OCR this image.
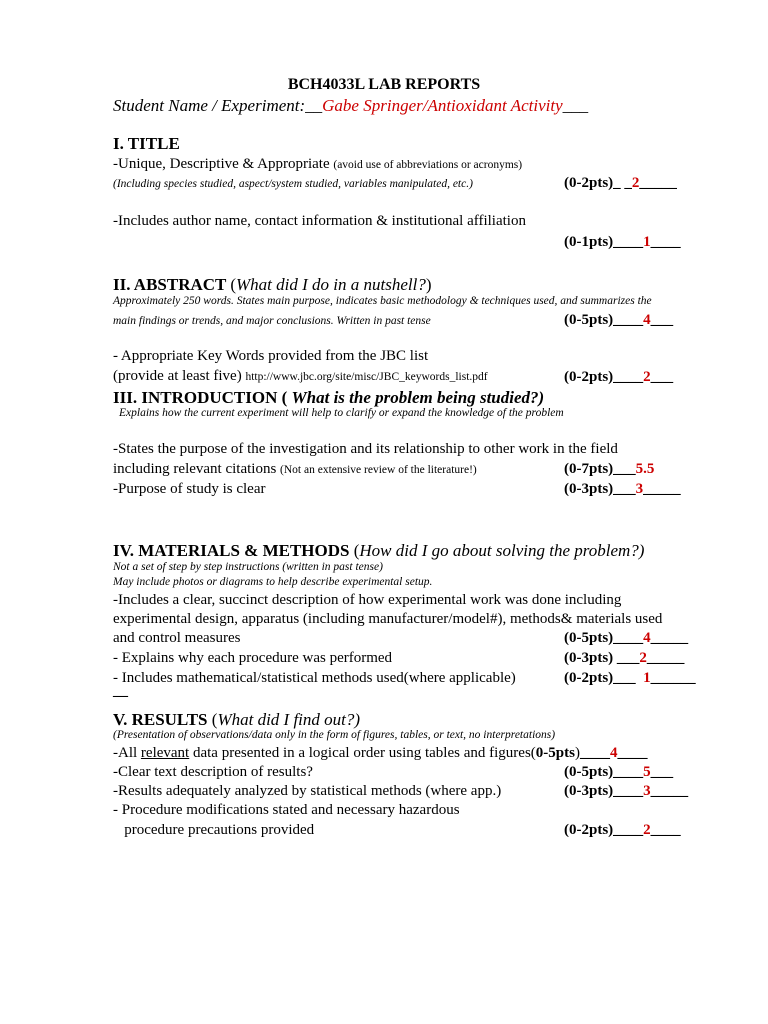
BCH4033L LAB REPORTS
Student Name / Experiment:__Gabe Springer/Antioxidant Activity___
I. TITLE
-Unique, Descriptive & Appropriate (avoid use of abbreviations or acronyms)
(Including species studied, aspect/system studied, variables manipulated, etc.)	(0-2pts)_ _2_____
-Includes author name, contact information & institutional affiliation
(0-1pts)____1____
II. ABSTRACT (What did I do in a nutshell?)
Approximately 250 words. States main purpose, indicates basic methodology & techniques used, and summarizes the
main findings or trends, and major conclusions. Written in past tense	(0-5pts)____4___
- Appropriate Key Words provided from the JBC list
(provide at least five) http://www.jbc.org/site/misc/JBC_keywords_list.pdf	(0-2pts)____2___
III. INTRODUCTION ( What is the problem being studied?)
Explains how the current experiment will help to clarify or expand the knowledge of the problem
-States the purpose of the investigation and its relationship to other work in the field
including relevant citations (Not an extensive review of the literature!)	(0-7pts)___5.5
-Purpose of study is clear	(0-3pts)___3_____
IV. MATERIALS & METHODS (How did I go about solving the problem?)
Not a set of step by step instructions (written in past tense)
May include photos or diagrams to help describe experimental setup.
-Includes a clear, succinct description of how experimental work was done including
experimental design, apparatus (including manufacturer/model#), methods& materials used
and control measures	(0-5pts)____4_____
- Explains why each procedure was performed	(0-3pts) ___2_____
- Includes mathematical/statistical methods used(where applicable)	(0-2pts)___  1______
__
V. RESULTS (What did I find out?)
(Presentation of observations/data only in the form of figures, tables, or text, no interpretations)
-All relevant data presented in a logical order using tables and figures(0-5pts)____4____
-Clear text description of results?	(0-5pts)____5___
-Results adequately analyzed by statistical methods (where app.)	(0-3pts)____3_____
- Procedure modifications stated and necessary hazardous
procedure precautions provided	(0-2pts)____2____
